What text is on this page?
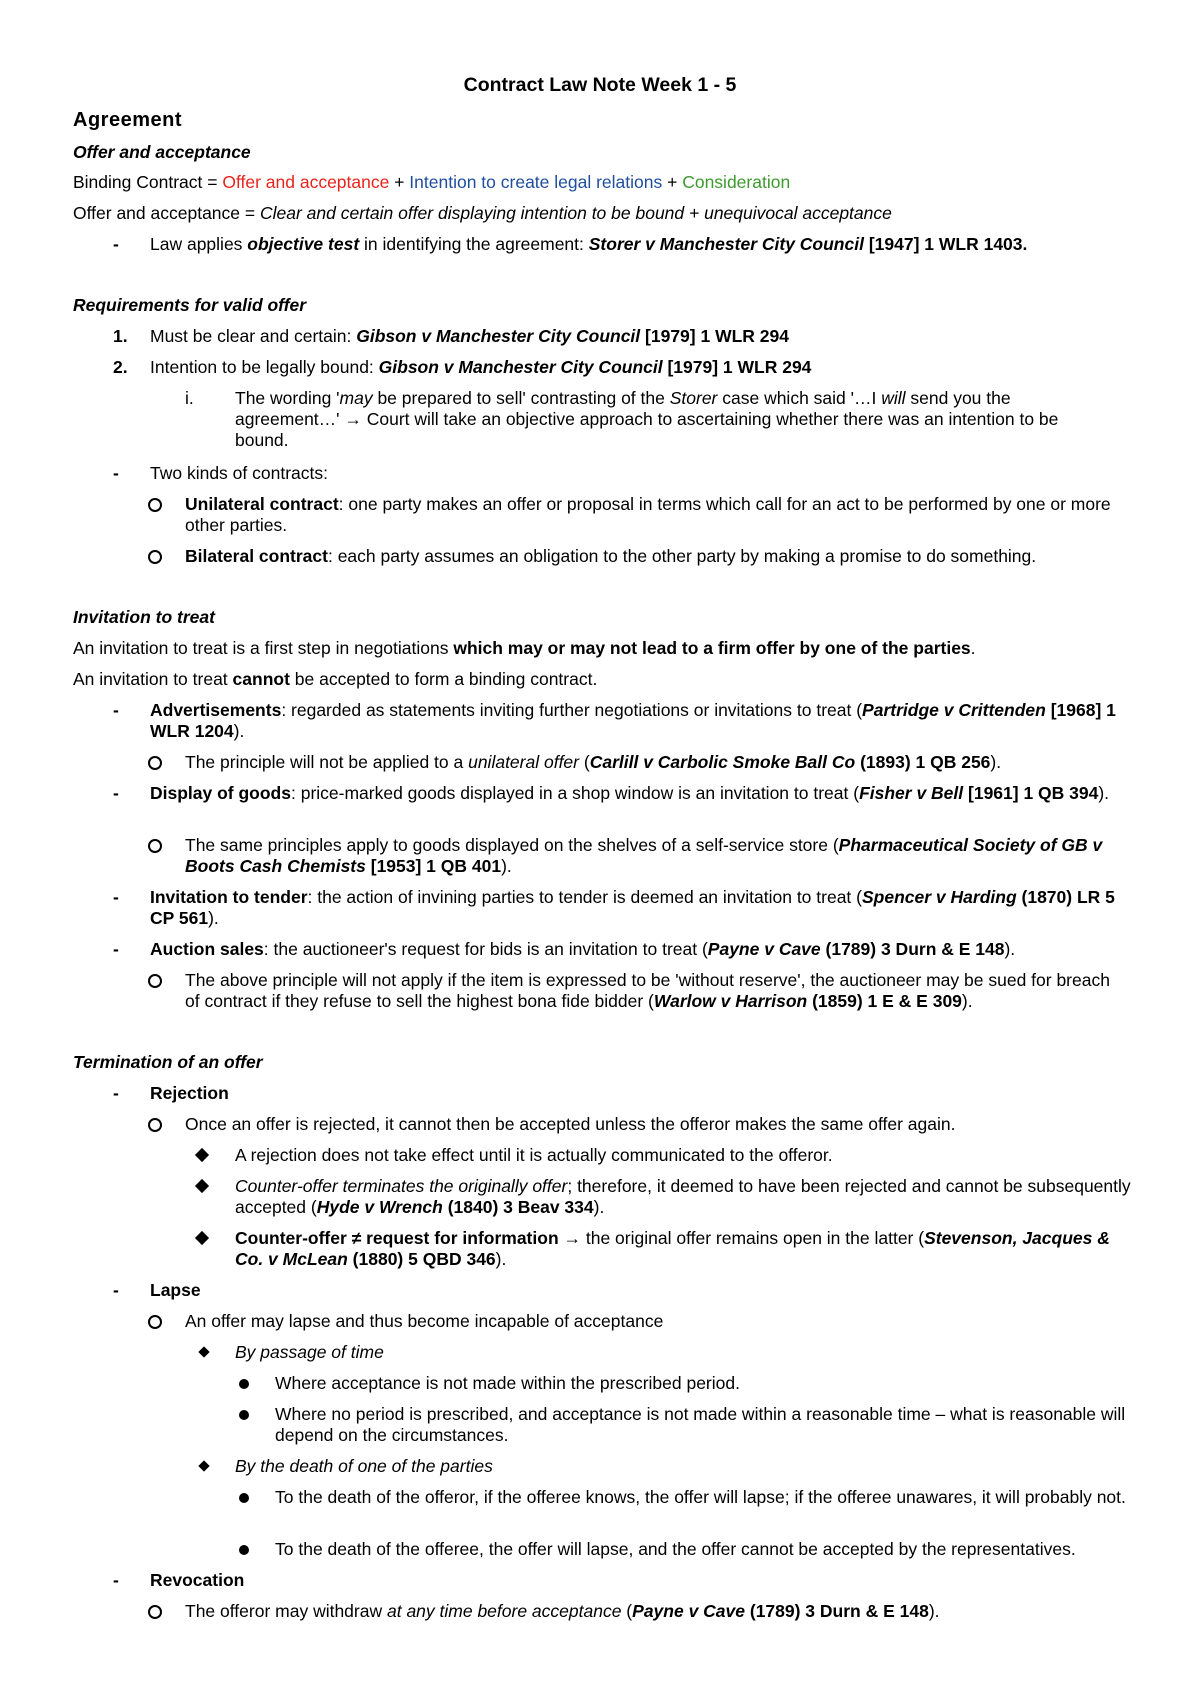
Contract Law Note Week 1 - 5
Agreement
Offer and acceptance
Binding Contract = Offer and acceptance + Intention to create legal relations + Consideration
Offer and acceptance = Clear and certain offer displaying intention to be bound + unequivocal acceptance
-	Law applies objective test in identifying the agreement: Storer v Manchester City Council [1947] 1 WLR 1403.
Requirements for valid offer
1.	Must be clear and certain: Gibson v Manchester City Council [1979] 1 WLR 294
2.	Intention to be legally bound: Gibson v Manchester City Council [1979] 1 WLR 294
i.	The wording 'may be prepared to sell' contrasting of the Storer case which said '…I will send you the agreement…' → Court will take an objective approach to ascertaining whether there was an intention to be bound.
-	Two kinds of contracts:
Unilateral contract: one party makes an offer or proposal in terms which call for an act to be performed by one or more other parties.
Bilateral contract: each party assumes an obligation to the other party by making a promise to do something.
Invitation to treat
An invitation to treat is a first step in negotiations which may or may not lead to a firm offer by one of the parties.
An invitation to treat cannot be accepted to form a binding contract.
-	Advertisements: regarded as statements inviting further negotiations or invitations to treat (Partridge v Crittenden [1968] 1 WLR 1204).
The principle will not be applied to a unilateral offer (Carlill v Carbolic Smoke Ball Co (1893) 1 QB 256).
-	Display of goods: price-marked goods displayed in a shop window is an invitation to treat (Fisher v Bell [1961] 1 QB 394).
The same principles apply to goods displayed on the shelves of a self-service store (Pharmaceutical Society of GB v Boots Cash Chemists [1953] 1 QB 401).
-	Invitation to tender: the action of invining parties to tender is deemed an invitation to treat (Spencer v Harding (1870) LR 5 CP 561).
-	Auction sales: the auctioneer's request for bids is an invitation to treat (Payne v Cave (1789) 3 Durn & E 148).
The above principle will not apply if the item is expressed to be 'without reserve', the auctioneer may be sued for breach of contract if they refuse to sell the highest bona fide bidder (Warlow v Harrison (1859) 1 E & E 309).
Termination of an offer
-	Rejection
Once an offer is rejected, it cannot then be accepted unless the offeror makes the same offer again.
A rejection does not take effect until it is actually communicated to the offeror.
Counter-offer terminates the originally offer; therefore, it deemed to have been rejected and cannot be subsequently accepted (Hyde v Wrench (1840) 3 Beav 334).
Counter-offer ≠ request for information → the original offer remains open in the latter (Stevenson, Jacques & Co. v McLean (1880) 5 QBD 346).
-	Lapse
An offer may lapse and thus become incapable of acceptance
By passage of time
Where acceptance is not made within the prescribed period.
Where no period is prescribed, and acceptance is not made within a reasonable time – what is reasonable will depend on the circumstances.
By the death of one of the parties
To the death of the offeror, if the offeree knows, the offer will lapse; if the offeree unawares, it will probably not.
To the death of the offeree, the offer will lapse, and the offer cannot be accepted by the representatives.
-	Revocation
The offeror may withdraw at any time before acceptance (Payne v Cave (1789) 3 Durn & E 148).
